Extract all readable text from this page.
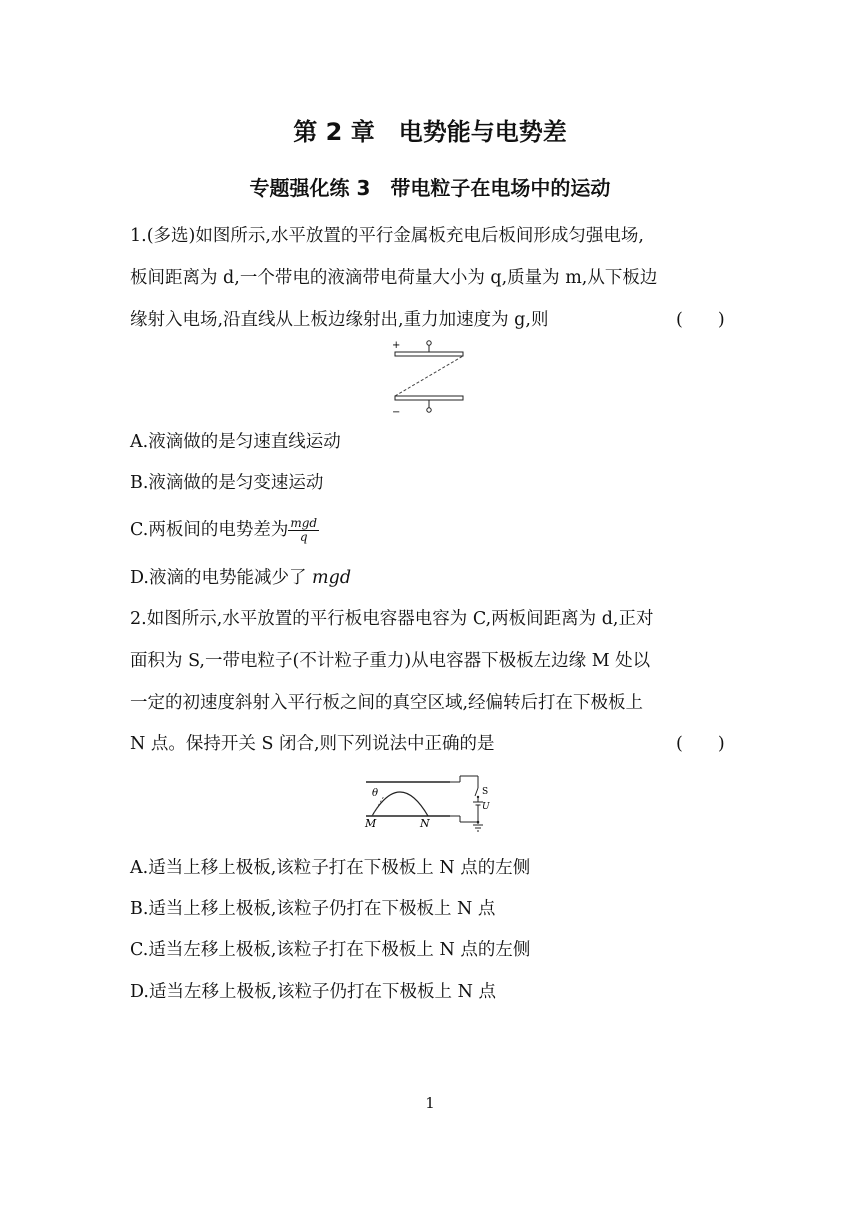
第 2 章　电势能与电势差
专题强化练 3　带电粒子在电场中的运动
1.(多选)如图所示,水平放置的平行金属板充电后板间形成匀强电场,
板间距离为 d,一个带电的液滴带电荷量大小为 q,质量为 m,从下板边
缘射入电场,沿直线从上板边缘射出,重力加速度为 g,则	(　　)
+
−
A.液滴做的是匀速直线运动
B.液滴做的是匀变速运动
C.两板间的电势差为 $\frac{\text{mgd}}{q}$
D.液滴的电势能减少了 mgd
2.如图所示,水平放置的平行板电容器电容为 C,两板间距离为 d,正对
面积为 S,一带电粒子(不计粒子重力)从电容器下极板左边缘 M 处以
一定的初速度斜射入平行板之间的真空区域,经偏转后打在下极板上
N 点。保持开关 S 闭合,则下列说法中正确的是	(　　)
θ
M	N
S
U
A.适当上移上极板,该粒子打在下极板上 N 点的左侧
B.适当上移上极板,该粒子仍打在下极板上 N 点
C.适当左移上极板,该粒子打在下极板上 N 点的左侧
D.适当左移上极板,该粒子仍打在下极板上 N 点
1
